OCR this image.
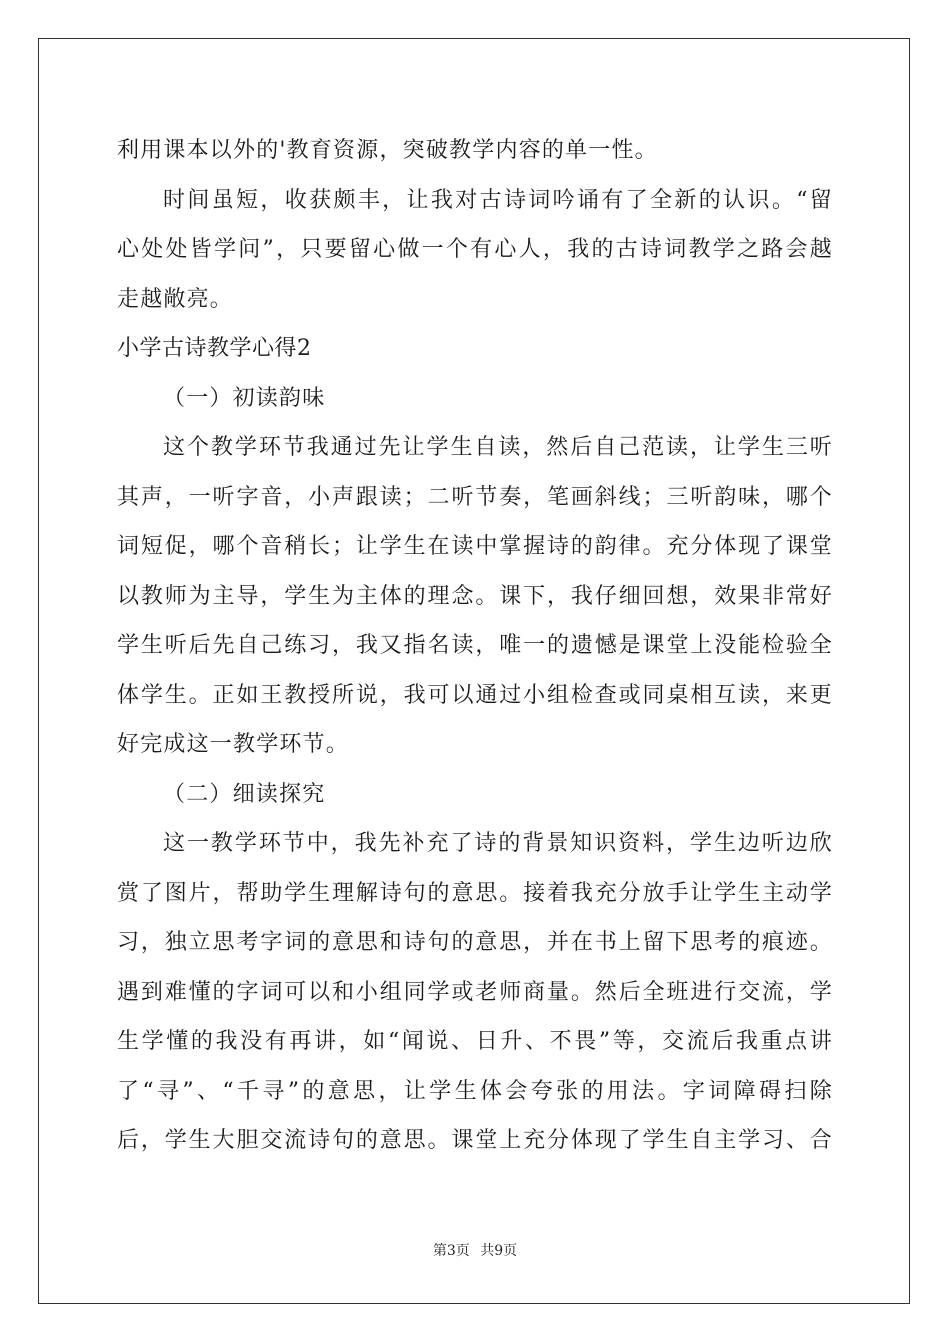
利用课本以外的'教育资源，突破教学内容的单一性。
时间虽短，收获颇丰，让我对古诗词吟诵有了全新的认识。“留
心处处皆学问”，只要留心做一个有心人，我的古诗词教学之路会越
走越敞亮。
小学古诗教学心得2
（一）初读韵味
这个教学环节我通过先让学生自读，然后自己范读，让学生三听
其声，一听字音，小声跟读；二听节奏，笔画斜线；三听韵味，哪个
词短促，哪个音稍长；让学生在读中掌握诗的韵律。充分体现了课堂
以教师为主导，学生为主体的理念。课下，我仔细回想，效果非常好
学生听后先自己练习，我又指名读，唯一的遗憾是课堂上没能检验全
体学生。正如王教授所说，我可以通过小组检查或同桌相互读，来更
好完成这一教学环节。
（二）细读探究
这一教学环节中，我先补充了诗的背景知识资料，学生边听边欣
赏了图片，帮助学生理解诗句的意思。接着我充分放手让学生主动学
习，独立思考字词的意思和诗句的意思，并在书上留下思考的痕迹。
遇到难懂的字词可以和小组同学或老师商量。然后全班进行交流，学
生学懂的我没有再讲，如“闻说、日升、不畏”等，交流后我重点讲
了“寻”、“千寻”的意思，让学生体会夸张的用法。字词障碍扫除
后，学生大胆交流诗句的意思。课堂上充分体现了学生自主学习、合
第3页 共9页
